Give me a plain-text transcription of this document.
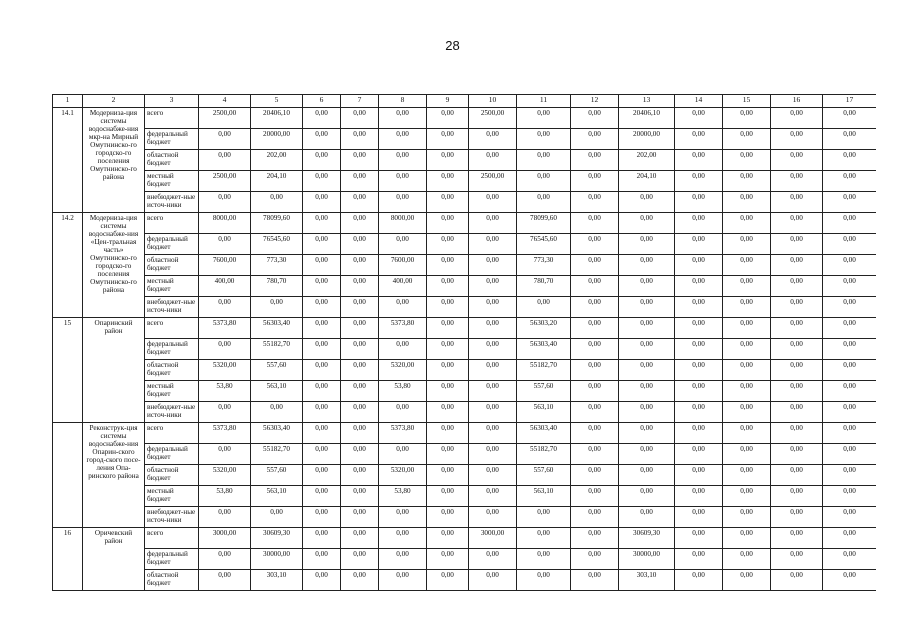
28
1	2	3	4	5	6	7	8	9	10	11	12	13	14	15	16	17
14.1	Модерниза-ция системы водоснабже-ния мкр-на Мирный Омутнинско-го городско-го поселения Омутнинско-го района	всего	2500,00	20406,10	0,00	0,00	0,00	0,00	2500,00	0,00	0,00	20406,10	0,00	0,00	0,00	0,00
		федеральный бюджет	0,00	20000,00	0,00	0,00	0,00	0,00	0,00	0,00	0,00	20000,00	0,00	0,00	0,00	0,00
		областной бюджет	0,00	202,00	0,00	0,00	0,00	0,00	0,00	0,00	0,00	202,00	0,00	0,00	0,00	0,00
		местный бюджет	2500,00	204,10	0,00	0,00	0,00	0,00	2500,00	0,00	0,00	204,10	0,00	0,00	0,00	0,00
		внебюджет-ные источ-ники	0,00	0,00	0,00	0,00	0,00	0,00	0,00	0,00	0,00	0,00	0,00	0,00	0,00	0,00
14.2	Модерниза-ция системы водоснабже-ния «Цен-тральная часть» Омутнинско-го городско-го поселения Омутнинско-го района	всего	8000,00	78099,60	0,00	0,00	8000,00	0,00	0,00	78099,60	0,00	0,00	0,00	0,00	0,00	0,00
		федеральный бюджет	0,00	76545,60	0,00	0,00	0,00	0,00	0,00	76545,60	0,00	0,00	0,00	0,00	0,00	0,00
		областной бюджет	7600,00	773,30	0,00	0,00	7600,00	0,00	0,00	773,30	0,00	0,00	0,00	0,00	0,00	0,00
		местный бюджет	400,00	780,70	0,00	0,00	400,00	0,00	0,00	780,70	0,00	0,00	0,00	0,00	0,00	0,00
		внебюджет-ные источ-ники	0,00	0,00	0,00	0,00	0,00	0,00	0,00	0,00	0,00	0,00	0,00	0,00	0,00	0,00
15	Опаринский район	всего	5373,80	56303,40	0,00	0,00	5373,80	0,00	0,00	56303,20	0,00	0,00	0,00	0,00	0,00	0,00
		федеральный бюджет	0,00	55182,70	0,00	0,00	0,00	0,00	0,00	56303,40	0,00	0,00	0,00	0,00	0,00	0,00
		областной бюджет	5320,00	557,60	0,00	0,00	5320,00	0,00	0,00	55182,70	0,00	0,00	0,00	0,00	0,00	0,00
		местный бюджет	53,80	563,10	0,00	0,00	53,80	0,00	0,00	557,60	0,00	0,00	0,00	0,00	0,00	0,00
		внебюджет-ные источ-ники	0,00	0,00	0,00	0,00	0,00	0,00	0,00	563,10	0,00	0,00	0,00	0,00	0,00	0,00
	Реконструк-ция системы водоснабже-ния Опарин-ского город-ского посе-ления Опа-ринского района	всего	5373,80	56303,40	0,00	0,00	5373,80	0,00	0,00	56303,40	0,00	0,00	0,00	0,00	0,00	0,00
		федеральный бюджет	0,00	55182,70	0,00	0,00	0,00	0,00	0,00	55182,70	0,00	0,00	0,00	0,00	0,00	0,00
		областной бюджет	5320,00	557,60	0,00	0,00	5320,00	0,00	0,00	557,60	0,00	0,00	0,00	0,00	0,00	0,00
		местный бюджет	53,80	563,10	0,00	0,00	53,80	0,00	0,00	563,10	0,00	0,00	0,00	0,00	0,00	0,00
		внебюджет-ные источ-ники	0,00	0,00	0,00	0,00	0,00	0,00	0,00	0,00	0,00	0,00	0,00	0,00	0,00	0,00
16	Оричевский район	всего	3000,00	30609,30	0,00	0,00	0,00	0,00	3000,00	0,00	0,00	30609,30	0,00	0,00	0,00	0,00
		федеральный бюджет	0,00	30000,00	0,00	0,00	0,00	0,00	0,00	0,00	0,00	30000,00	0,00	0,00	0,00	0,00
		областной бюджет	0,00	303,10	0,00	0,00	0,00	0,00	0,00	0,00	0,00	303,10	0,00	0,00	0,00	0,00
